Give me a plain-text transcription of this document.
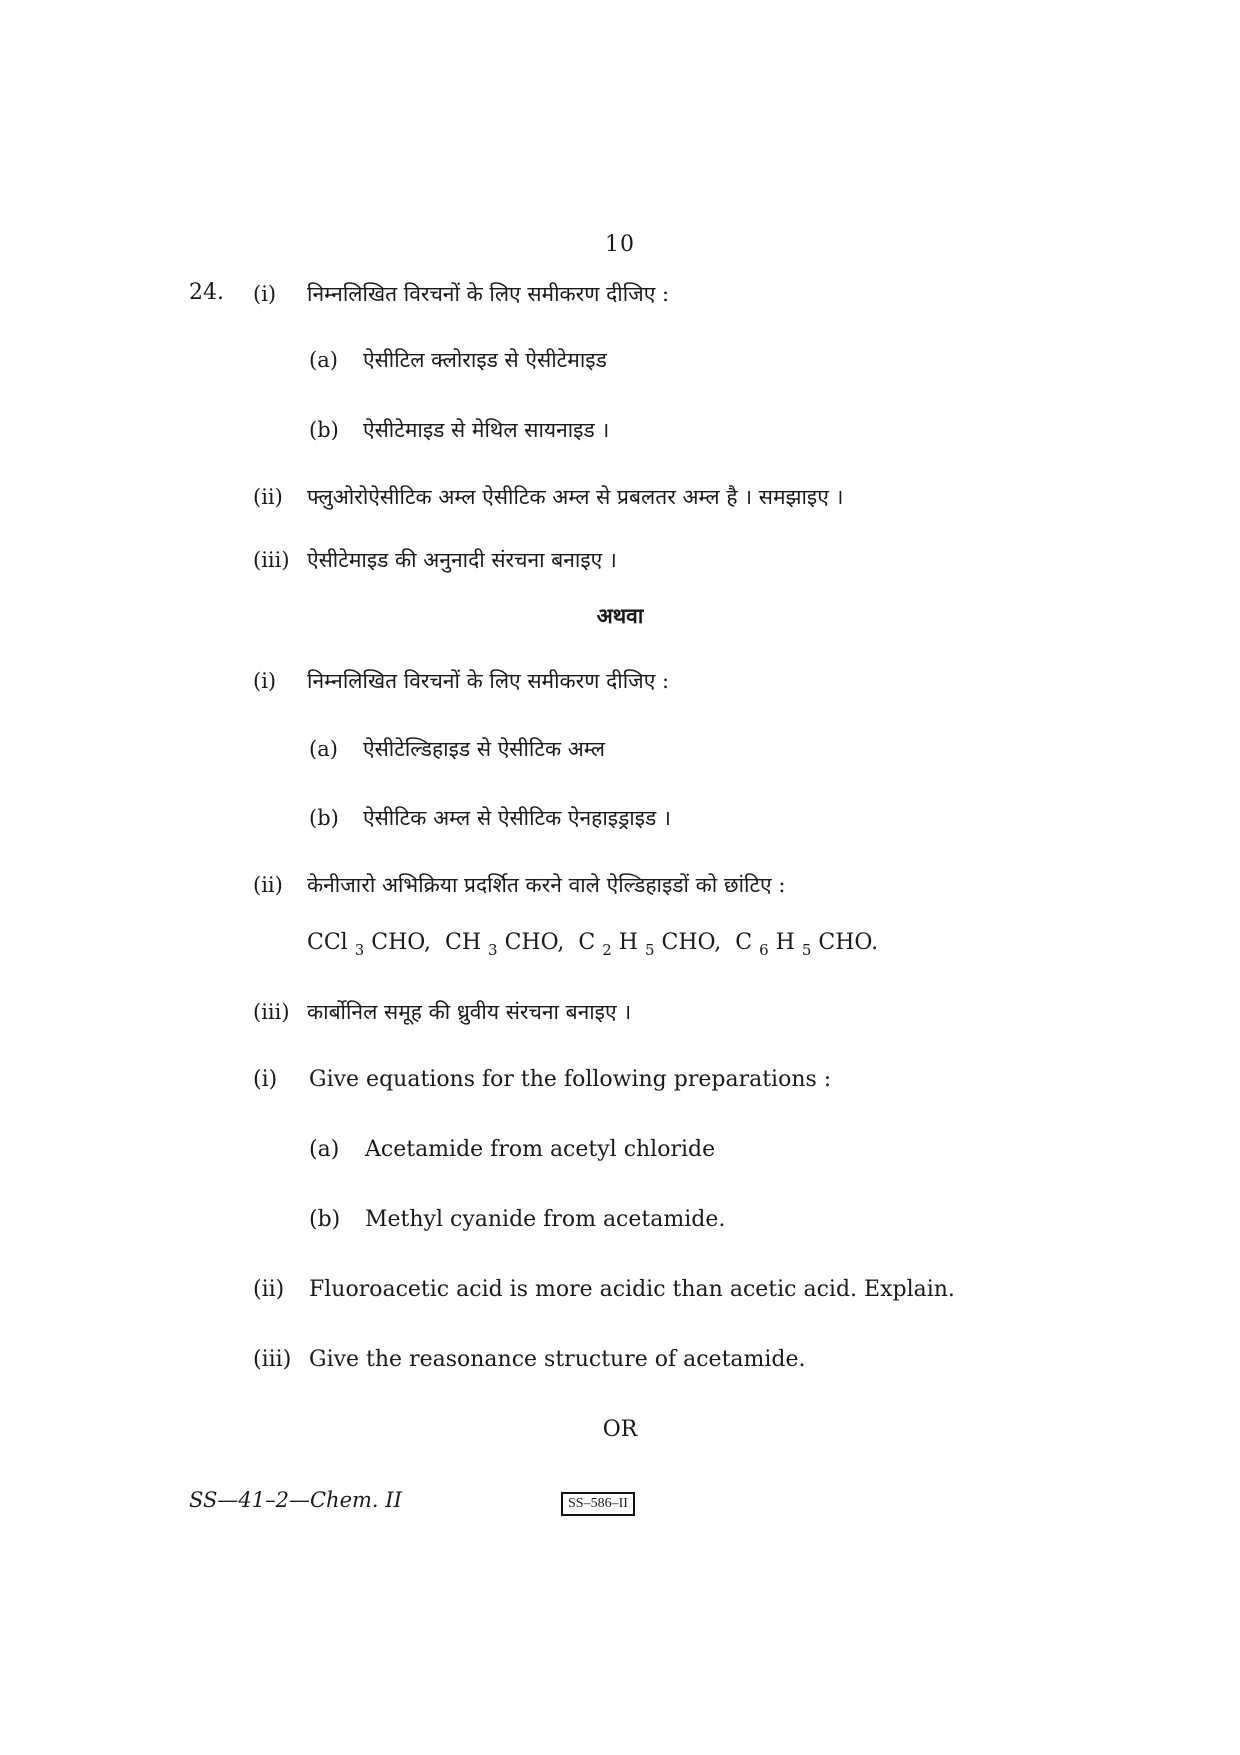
10
24. (i) निम्नलिखित विरचनों के लिए समीकरण दीजिए :
(a) ऐसीटिल क्लोराइड से ऐसीटेमाइड
(b) ऐसीटेमाइड से मेथिल सायनाइड ।
(ii) फ्लुओरोऐसीटिक अम्ल ऐसीटिक अम्ल से प्रबलतर अम्ल है । समझाइए ।
(iii) ऐसीटेमाइड की अनुनादी संरचना बनाइए ।
अथवा
(i) निम्नलिखित विरचनों के लिए समीकरण दीजिए :
(a) ऐसीटेल्डिहाइड से ऐसीटिक अम्ल
(b) ऐसीटिक अम्ल से ऐसीटिक ऐनहाइड्राइड ।
(ii) केनीजारो अभिक्रिया प्रदर्शित करने वाले ऐल्डिहाइडों को छांटिए :
CCl $_3$ CHO, CH $_3$ CHO, C $_2$ H $_5$ CHO, C $_6$ H $_5$ CHO.
(iii) कार्बोनिल समूह की ध्रुवीय संरचना बनाइए ।
(i) Give equations for the following preparations :
(a) Acetamide from acetyl chloride
(b) Methyl cyanide from acetamide.
(ii) Fluoroacetic acid is more acidic than acetic acid. Explain.
(iii) Give the reasonance structure of acetamide.
OR
SS—41–2—Chem. II	SS–586–II
